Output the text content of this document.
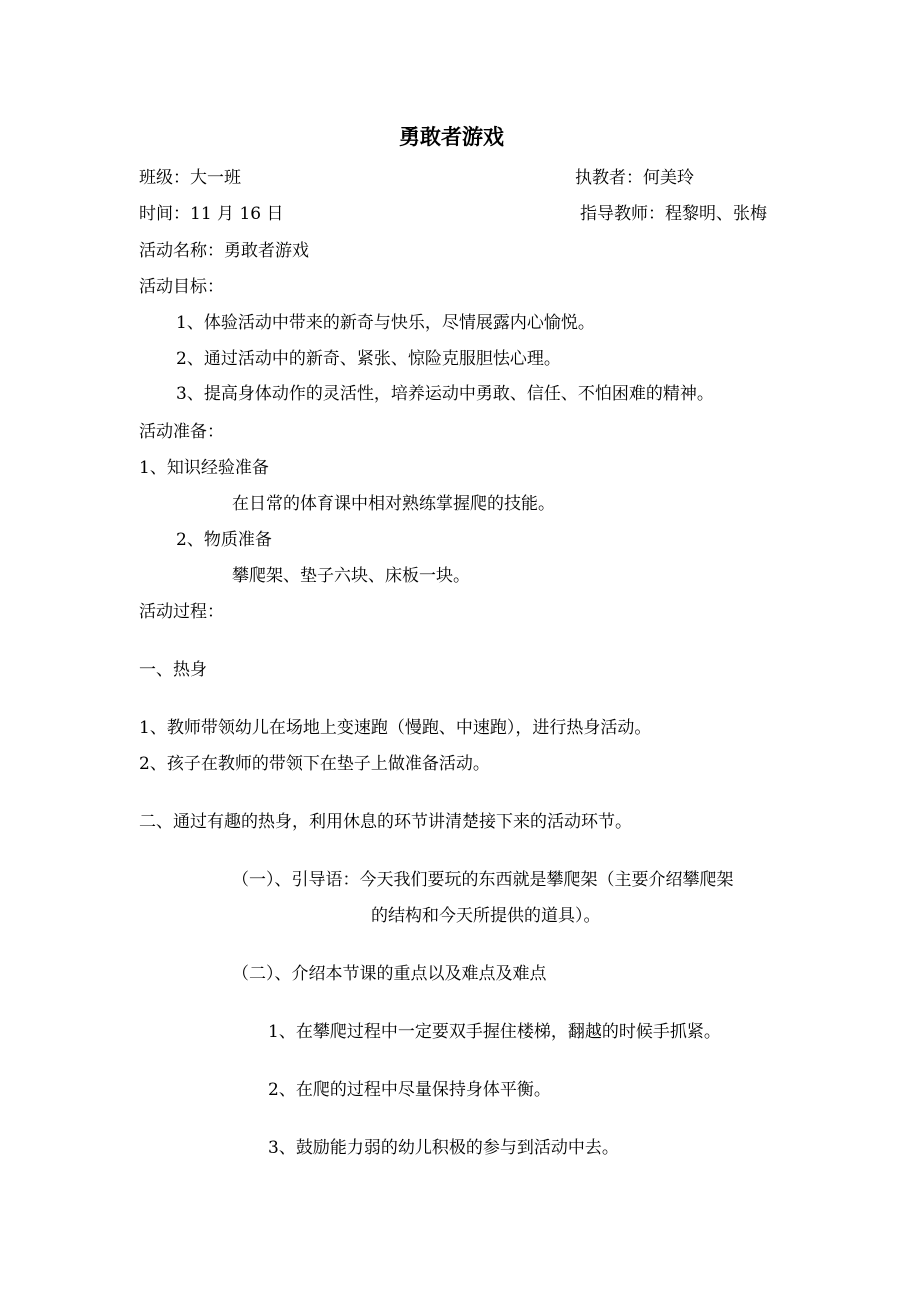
勇敢者游戏
班级：大一班	执教者：何美玲
时间：11 月 16 日	指导教师：程黎明、张梅
活动名称：勇敢者游戏
活动目标：
1、体验活动中带来的新奇与快乐，尽情展露内心愉悦。
2、通过活动中的新奇、紧张、惊险克服胆怯心理。
3、提高身体动作的灵活性，培养运动中勇敢、信任、不怕困难的精神。
活动准备：
1、知识经验准备
在日常的体育课中相对熟练掌握爬的技能。
2、物质准备
攀爬架、垫子六块、床板一块。
活动过程：
一、热身
1、教师带领幼儿在场地上变速跑（慢跑、中速跑），进行热身活动。
2、孩子在教师的带领下在垫子上做准备活动。
二、通过有趣的热身，利用休息的环节讲清楚接下来的活动环节。
（一）、引导语：今天我们要玩的东西就是攀爬架（主要介绍攀爬架
的结构和今天所提供的道具）。
（二）、介绍本节课的重点以及难点及难点
1、在攀爬过程中一定要双手握住楼梯，翻越的时候手抓紧。
2、在爬的过程中尽量保持身体平衡。
3、鼓励能力弱的幼儿积极的参与到活动中去。
